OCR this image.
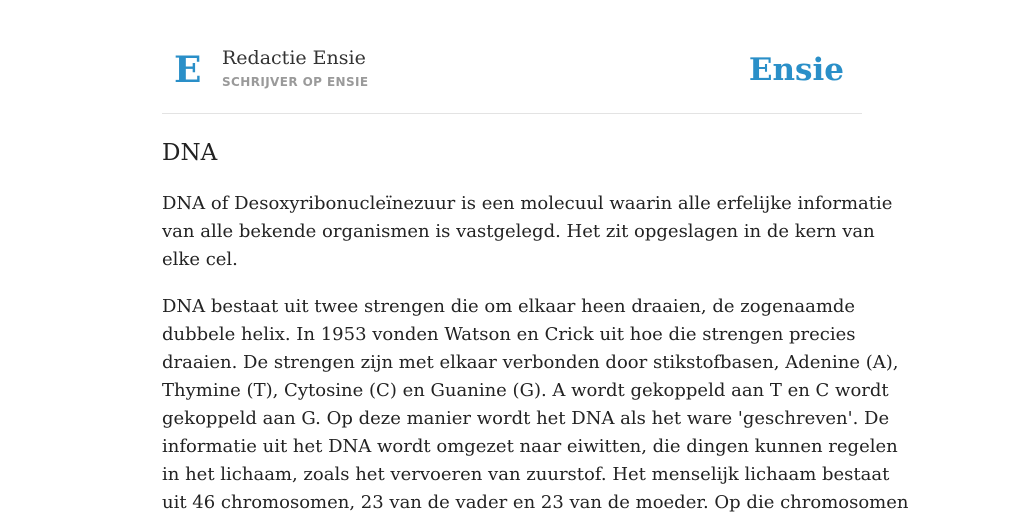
E Redactie Ensie
SCHRIJVER OP ENSIE	Ensie
DNA

DNA of Desoxyribonucleïnezuur is een molecuul waarin alle erfelijke informatie
van alle bekende organismen is vastgelegd. Het zit opgeslagen in de kern van
elke cel.

DNA bestaat uit twee strengen die om elkaar heen draaien, de zogenaamde
dubbele helix. In 1953 vonden Watson en Crick uit hoe die strengen precies
draaien. De strengen zijn met elkaar verbonden door stikstofbasen, Adenine (A),
Thymine (T), Cytosine (C) en Guanine (G). A wordt gekoppeld aan T en C wordt
gekoppeld aan G. Op deze manier wordt het DNA als het ware 'geschreven'. De
informatie uit het DNA wordt omgezet naar eiwitten, die dingen kunnen regelen
in het lichaam, zoals het vervoeren van zuurstof. Het menselijk lichaam bestaat
uit 46 chromosomen, 23 van de vader en 23 van de moeder. Op die chromosomen
